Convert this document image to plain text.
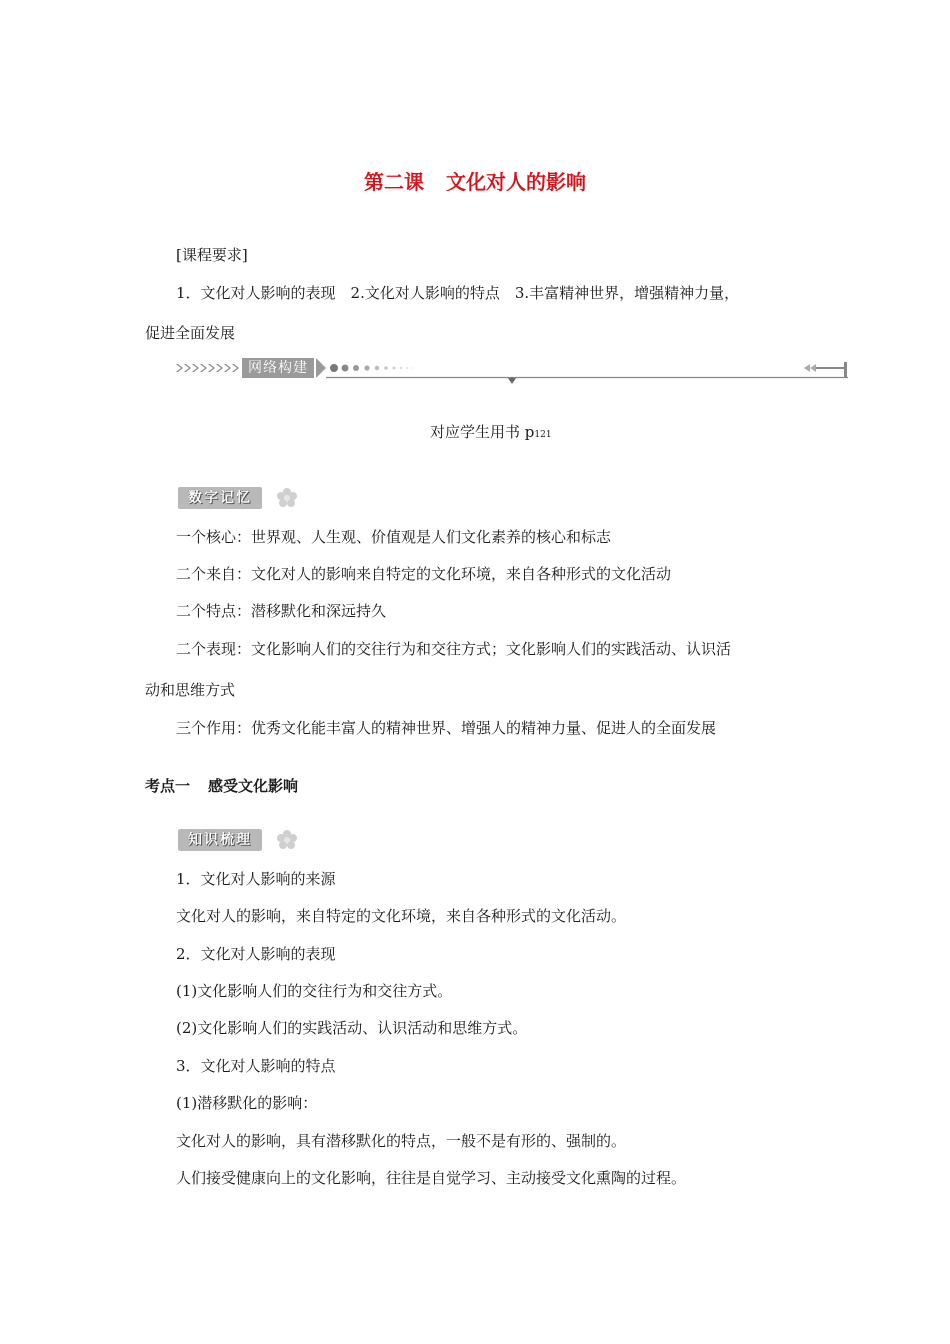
第二课 文化对人的影响
[课程要求]
1．文化对人影响的表现　2.文化对人影响的特点　3.丰富精神世界，增强精神力量，
促进全面发展
网络构建
对应学生用书 p121
数字记忆
一个核心：世界观、人生观、价值观是人们文化素养的核心和标志
二个来自：文化对人的影响来自特定的文化环境，来自各种形式的文化活动
二个特点：潜移默化和深远持久
二个表现：文化影响人们的交往行为和交往方式；文化影响人们的实践活动、认识活
动和思维方式
三个作用：优秀文化能丰富人的精神世界、增强人的精神力量、促进人的全面发展
考点一 感受文化影响
知识梳理
1．文化对人影响的来源
文化对人的影响，来自特定的文化环境，来自各种形式的文化活动。
2．文化对人影响的表现
(1)文化影响人们的交往行为和交往方式。
(2)文化影响人们的实践活动、认识活动和思维方式。
3．文化对人影响的特点
(1)潜移默化的影响：
文化对人的影响，具有潜移默化的特点，一般不是有形的、强制的。
人们接受健康向上的文化影响，往往是自觉学习、主动接受文化熏陶的过程。
